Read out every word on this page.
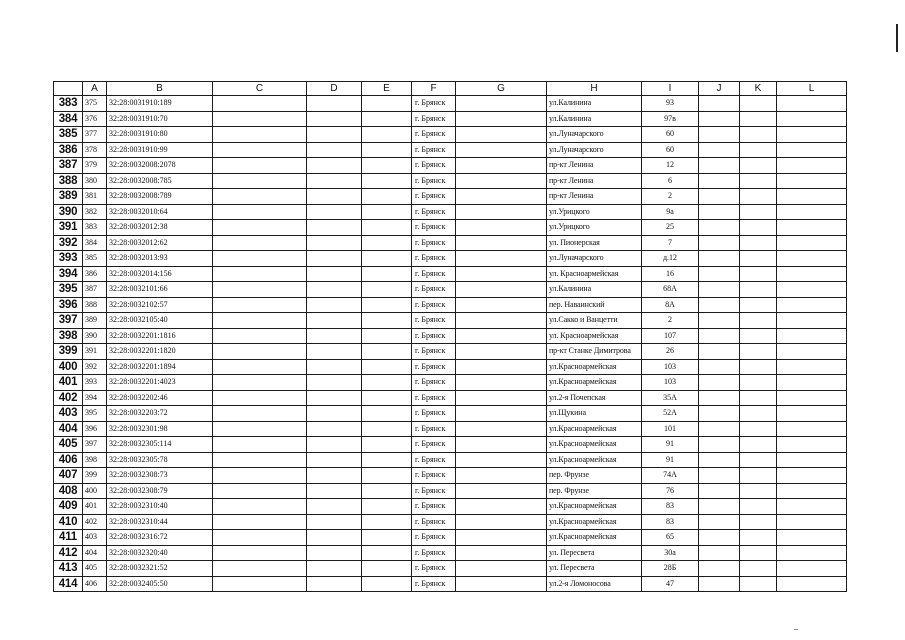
	A	B	C	D	E	F	G	H	I	J	K	L
383	375	32:28:0031910:189				г. Брянск		ул.Калинина	93			
384	376	32:28:0031910:70				г. Брянск		ул.Калинина	97в			
385	377	32:28:0031910:80				г. Брянск		ул.Луначарского	60			
386	378	32:28:0031910:99				г. Брянск		ул.Луначарского	60			
387	379	32:28:0032008:2078				г. Брянск		пр-кт Ленина	12			
388	380	32:28:0032008:785				г. Брянск		пр-кт Ленина	6			
389	381	32:28:0032008:789				г. Брянск		пр-кт Ленина	2			
390	382	32:28:0032010:64				г. Брянск		ул.Урицкого	9а			
391	383	32:28:0032012:38				г. Брянск		ул.Урицкого	25			
392	384	32:28:0032012:62				г. Брянск		ул. Пионерская	7			
393	385	32:28:0032013:93				г. Брянск		ул.Луначарского	д.12			
394	386	32:28:0032014:156				г. Брянск		ул. Красноармейская	16			
395	387	32:28:0032101:66				г. Брянск		ул.Калинина	68А			
396	388	32:28:0032102:57				г. Брянск		пер. Наваинский	8А			
397	389	32:28:0032105:40				г. Брянск		ул.Сакко и Ванцетти	2			
398	390	32:28:0032201:1816				г. Брянск		ул. Красноармейская	107			
399	391	32:28:0032201:1820				г. Брянск		пр-кт Станке Димитрова	26			
400	392	32:28:0032201:1894				г. Брянск		ул.Красноармейская	103			
401	393	32:28:0032201:4023				г. Брянск		ул.Красноармейская	103			
402	394	32:28:0032202:46				г. Брянск		ул.2-я Почепская	35А			
403	395	32:28:0032203:72				г. Брянск		ул.Щукина	52А			
404	396	32:28:0032301:98				г. Брянск		ул.Красноармейская	101			
405	397	32:28:0032305:114				г. Брянск		ул.Красноармейская	91			
406	398	32:28:0032305:78				г. Брянск		ул.Красноармейская	91			
407	399	32:28:0032308:73				г. Брянск		пер. Фрунзе	74А			
408	400	32:28:0032308:79				г. Брянск		пер. Фрунзе	76			
409	401	32:28:0032310:40				г. Брянск		ул.Красноармейская	83			
410	402	32:28:0032310:44				г. Брянск		ул.Красноармейская	83			
411	403	32:28:0032316:72				г. Брянск		ул.Красноармейская	65			
412	404	32:28:0032320:40				г. Брянск		ул. Пересвета	30а			
413	405	32:28:0032321:52				г. Брянск		ул. Пересвета	28Б			
414	406	32:28:0032405:50				г. Брянск		ул.2-я Ломоносова	47			
